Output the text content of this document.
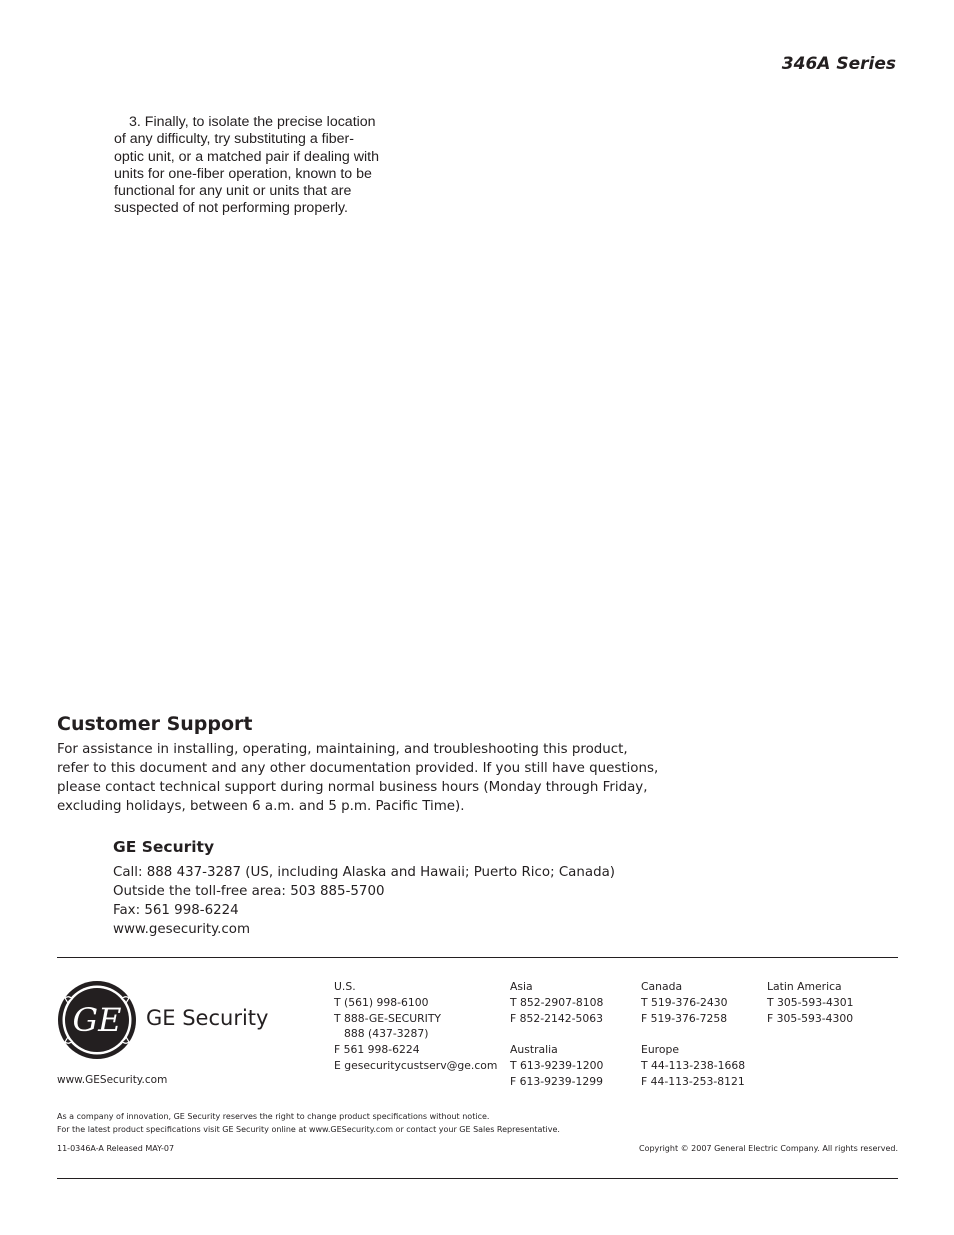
346A Series
3. Finally, to isolate the precise location
of any difficulty, try substituting a fiber-
optic unit, or a matched pair if dealing with
units for one-fiber operation, known to be
functional for any unit or units that are
suspected of not performing properly.
Customer Support
For assistance in installing, operating, maintaining, and troubleshooting this product,
refer to this document and any other documentation provided. If you still have questions,
please contact technical support during normal business hours (Monday through Friday,
excluding holidays, between 6 a.m. and 5 p.m. Pacific Time).
GE Security
Call: 888 437-3287 (US, including Alaska and Hawaii; Puerto Rico; Canada)
Outside the toll-free area: 503 885-5700
Fax: 561 998-6224
www.gesecurity.com
GE GE Security
www.GESecurity.com
U.S.
T (561) 998-6100
T 888-GE-SECURITY
888 (437-3287)
F 561 998-6224
E gesecuritycustserv@ge.com
Asia
T 852-2907-8108
F 852-2142-5063
Australia
T 613-9239-1200
F 613-9239-1299
Canada
T 519-376-2430
F 519-376-7258
Europe
T 44-113-238-1668
F 44-113-253-8121
Latin America
T 305-593-4301
F 305-593-4300
As a company of innovation, GE Security reserves the right to change product specifications without notice.
For the latest product specifications visit GE Security online at www.GESecurity.com or contact your GE Sales Representative.
11-0346A-A Released MAY-07	Copyright © 2007 General Electric Company. All rights reserved.
